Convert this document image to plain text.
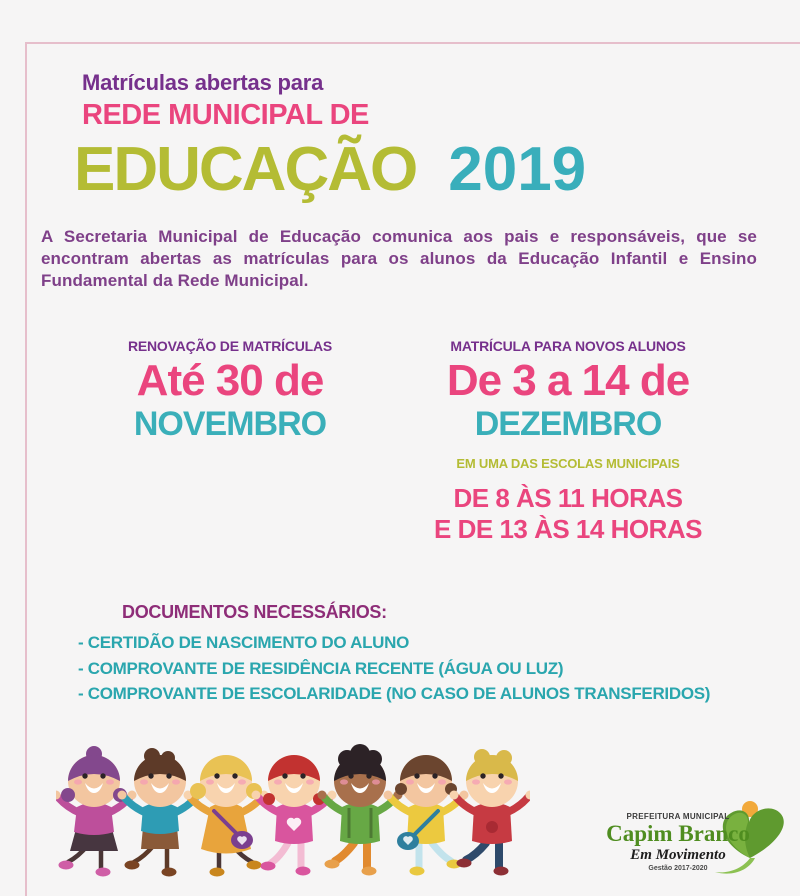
Matrículas abertas para
REDE MUNICIPAL DE
EDUCAÇÃO 2019

A Secretaria Municipal de Educação comunica aos pais e responsáveis, que se encontram abertas as matrículas para os alunos da Educação Infantil e Ensino Fundamental da Rede Municipal.

RENOVAÇÃO DE MATRÍCULAS
Até 30 de
NOVEMBRO
MATRÍCULA PARA NOVOS ALUNOS
De 3 a 14 de
DEZEMBRO
EM UMA DAS ESCOLAS MUNICIPAIS
DE 8 ÀS 11 HORAS
E DE 13 ÀS 14 HORAS
DOCUMENTOS NECESSÁRIOS:
- CERTIDÃO DE NASCIMENTO DO ALUNO
- COMPROVANTE DE RESIDÊNCIA RECENTE (ÁGUA OU LUZ)
- COMPROVANTE DE ESCOLARIDADE (NO CASO DE ALUNOS TRANSFERIDOS)
PREFEITURA MUNICIPAL
Capim Branco
Em Movimento
Gestão 2017-2020
